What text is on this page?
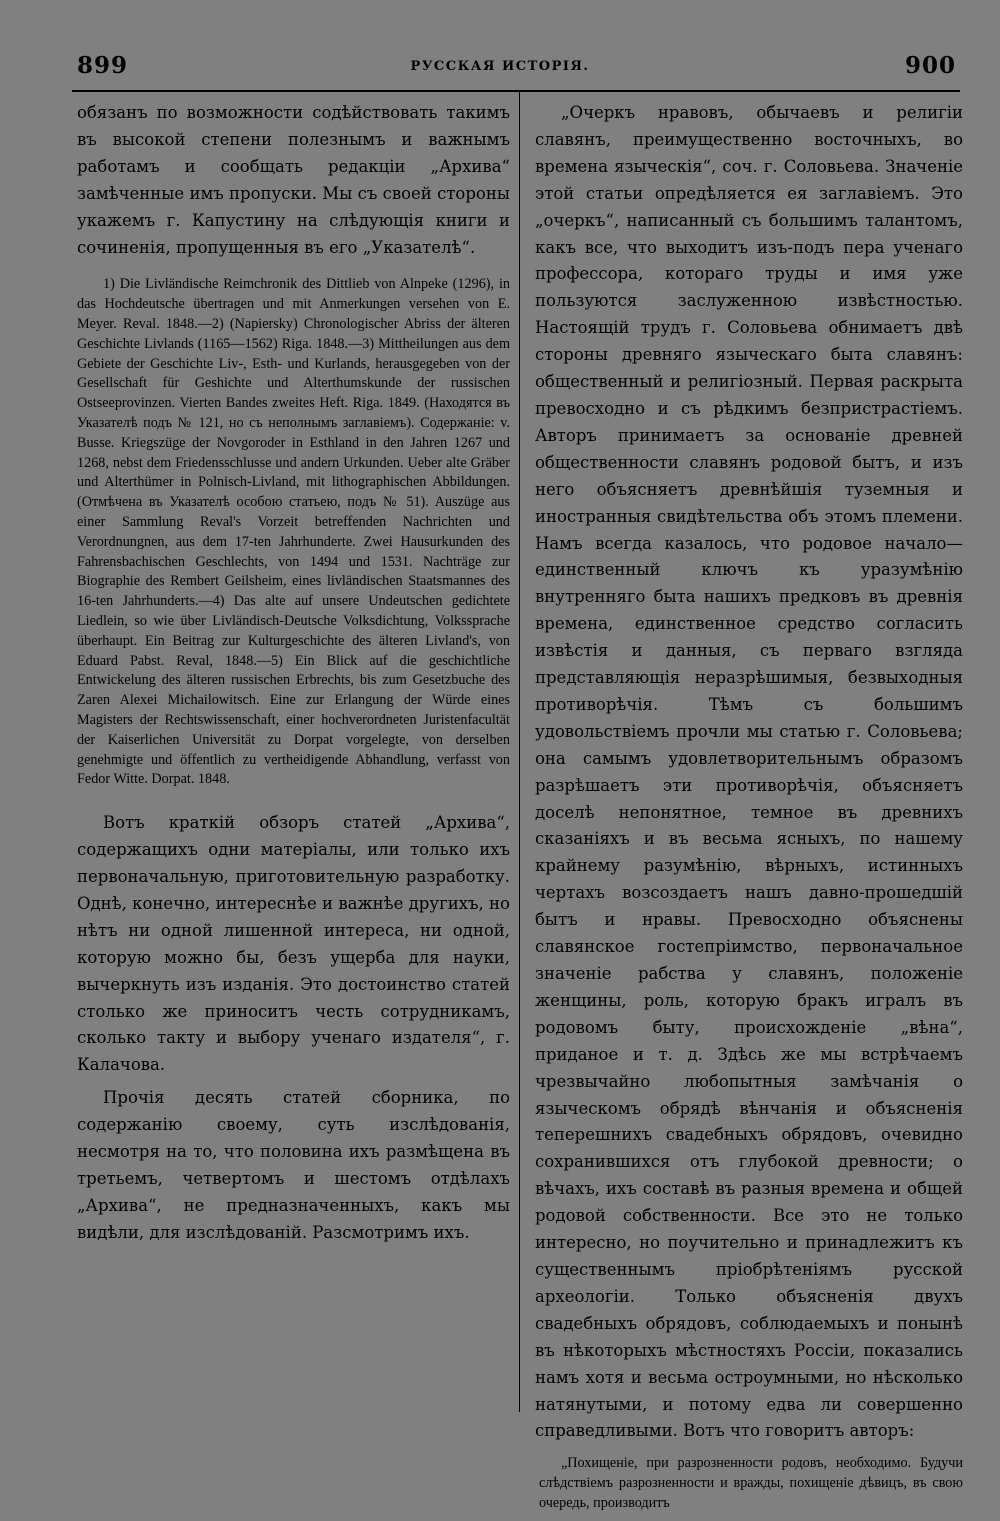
899	РУССКАЯ ИСТОРІЯ.	900

обязанъ по возможности содѣйствовать такимъ въ высокой степени полезнымъ и важнымъ работамъ и сообщать редакціи „Архива“ замѣченные имъ пропуски. Мы съ своей стороны укажемъ г. Капустину на слѣдующія книги и сочиненія, пропущенныя въ его „Указателѣ“.

1) Die Livländische Reimchronik des Dittlieb von Alnpeke (1296), in das Hochdeutsche übertragen und mit Anmerkungen versehen von E. Meyer. Reval. 1848.—2) (Napiersky) Chronologischer Abriss der älteren Geschichte Livlands (1165—1562) Riga. 1848.—3) Mittheilungen aus dem Gebiete der Geschichte Liv-, Esth- und Kurlands, herausgegeben von der Gesellschaft für Geshichte und Alterthumskunde der russischen Ostseeprovinzen. Vierten Bandes zweites Heft. Riga. 1849. (Находятся въ Указателѣ подъ № 121, но съ неполнымъ заглавіемъ). Содержаніе: v. Busse. Kriegszüge der Novgoroder in Esthland in den Jahren 1267 und 1268, nebst dem Friedensschlusse und andern Urkunden. Ueber alte Gräber und Alterthümer in Polnisch-Livland, mit lithographischen Abbildungen. (Отмѣчена въ Указателѣ особою статьею, подъ № 51). Auszüge aus einer Sammlung Reval's Vorzeit betreffenden Nachrichten und Verordnungnen, aus dem 17-ten Jahrhunderte. Zwei Hausurkunden des Fahrensbachischen Geschlechts, von 1494 und 1531. Nachträge zur Biographie des Rembert Geilsheim, eines livländischen Staatsmannes des 16-ten Jahrhunderts.—4) Das alte auf unsere Undeutschen gedichtete Liedlein, so wie über Livländisch-Deutsche Volksdichtung, Volkssprache überhaupt. Ein Beitrag zur Kulturgeschichte des älteren Livland's, von Eduard Pabst. Reval, 1848.—5) Ein Blick auf die geschichtliche Entwickelung des älteren russischen Erbrechts, bis zum Gesetzbuche des Zaren Alexei Michailowitsch. Eine zur Erlangung der Würde eines Magisters der Rechtswissenschaft, einer hochverordneten Juristenfacultät der Kaiserlichen Universität zu Dorpat vorgelegte, von derselben genehmigte und öffentlich zu vertheidigende Abhandlung, verfasst von Fedor Witte. Dorpat. 1848.

Вотъ краткій обзоръ статей „Архива“, содержащихъ одни матеріалы, или только ихъ первоначальную, приготовительную разработку. Однѣ, конечно, интереснѣе и важнѣе другихъ, но нѣтъ ни одной лишенной интереса, ни одной, которую можно бы, безъ ущерба для науки, вычеркнуть изъ изданія. Это достоинство статей столько же приноситъ честь сотрудникамъ, сколько такту и выбору ученаго издателя“, г. Калачова.

Прочія десять статей сборника, по содержанію своему, суть изслѣдованія, несмотря на то, что половина ихъ размѣщена въ третьемъ, четвертомъ и шестомъ отдѣлахъ „Архива“, не предназначенныхъ, какъ мы видѣли, для изслѣдованій. Разсмотримъ ихъ.

„Очеркъ нравовъ, обычаевъ и религіи славянъ, преимущественно восточныхъ, во времена языческія“, соч. г. Соловьева. Значеніе этой статьи опредѣляется ея заглавіемъ. Это „очеркъ“, написанный съ большимъ талантомъ, какъ все, что выходитъ изъ-подъ пера ученаго профессора, котораго труды и имя уже пользуются заслуженною извѣстностью. Настоящій трудъ г. Соловьева обнимаетъ двѣ стороны древняго языческаго быта славянъ: общественный и религіозный. Первая раскрыта превосходно и съ рѣдкимъ безпристрастіемъ. Авторъ принимаетъ за основаніе древней общественности славянъ родовой бытъ, и изъ него объясняетъ древнѣйшія туземныя и иностранныя свидѣтельства объ этомъ племени. Намъ всегда казалось, что родовое начало—единственный ключъ къ уразумѣнію внутренняго быта нашихъ предковъ въ древнія времена, единственное средство согласить извѣстія и данныя, съ перваго взгляда представляющія неразрѣшимыя, безвыходныя противорѣчія. Тѣмъ съ большимъ удовольствіемъ прочли мы статью г. Соловьева; она самымъ удовлетворительнымъ образомъ разрѣшаетъ эти противорѣчія, объясняетъ доселѣ непонятное, темное въ древнихъ сказаніяхъ и въ весьма ясныхъ, по нашему крайнему разумѣнію, вѣрныхъ, истинныхъ чертахъ возсоздаетъ нашъ давно-прошедшій бытъ и нравы. Превосходно объяснены славянское гостепріимство, первоначальное значеніе рабства у славянъ, положеніе женщины, роль, которую бракъ игралъ въ родовомъ быту, происхожденіе „вѣна“, приданое и т. д. Здѣсь же мы встрѣчаемъ чрезвычайно любопытныя замѣчанія о языческомъ обрядѣ вѣнчанія и объясненія теперешнихъ свадебныхъ обрядовъ, очевидно сохранившихся отъ глубокой древности; о вѣчахъ, ихъ составѣ въ разныя времена и общей родовой собственности. Все это не только интересно, но поучительно и принадлежитъ къ существеннымъ пріобрѣтеніямъ русской археологіи. Только объясненія двухъ свадебныхъ обрядовъ, соблюдаемыхъ и понынѣ въ нѣкоторыхъ мѣстностяхъ Россіи, показались намъ хотя и весьма остроумными, но нѣсколько натянутыми, и потому едва ли совершенно справедливыми. Вотъ что говоритъ авторъ:

„Похищеніе, при разрозненности родовъ, необходимо. Будучи слѣдствіемъ разрозненности и вражды, похищеніе дѣвицъ, въ свою очередь, производитъ
